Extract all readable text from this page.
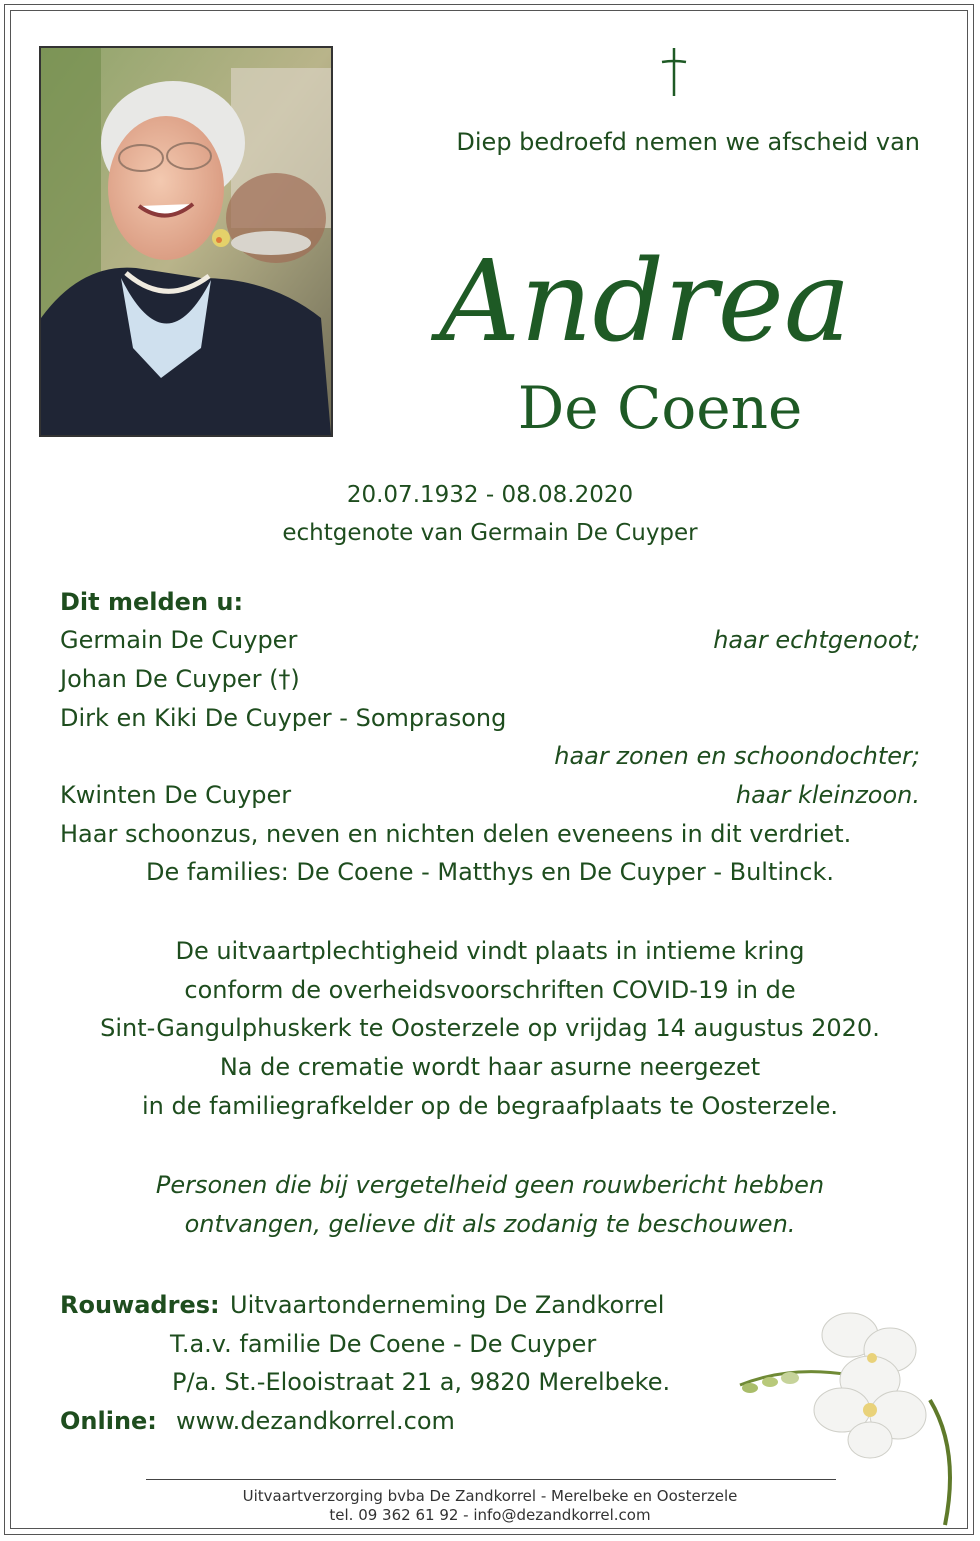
Diep bedroefd nemen we afscheid van
Andrea
De Coene
20.07.1932 - 08.08.2020
echtgenote van Germain De Cuyper
Dit melden u:
Germain De Cuyper	haar echtgenoot;
Johan De Cuyper (†)
Dirk en Kiki De Cuyper - Somprasong
haar zonen en schoondochter;
Kwinten De Cuyper	haar kleinzoon.
Haar schoonzus, neven en nichten delen eveneens in dit verdriet.
De families: De Coene - Matthys en De Cuyper - Bultinck.
De uitvaartplechtigheid vindt plaats in intieme kring
conform de overheidsvoorschriften COVID-19 in de
Sint-Gangulphuskerk te Oosterzele op vrijdag 14 augustus 2020.
Na de crematie wordt haar asurne neergezet
in de familiegrafkelder op de begraafplaats te Oosterzele.
Personen die bij vergetelheid geen rouwbericht hebben
ontvangen, gelieve dit als zodanig te beschouwen.
Rouwadres: Uitvaartonderneming De Zandkorrel
T.a.v. familie De Coene - De Cuyper
P/a. St.-Elooistraat 21 a, 9820 Merelbeke.
Online: www.dezandkorrel.com
Uitvaartverzorging bvba De Zandkorrel - Merelbeke en Oosterzele
tel. 09 362 61 92 - info@dezandkorrel.com
